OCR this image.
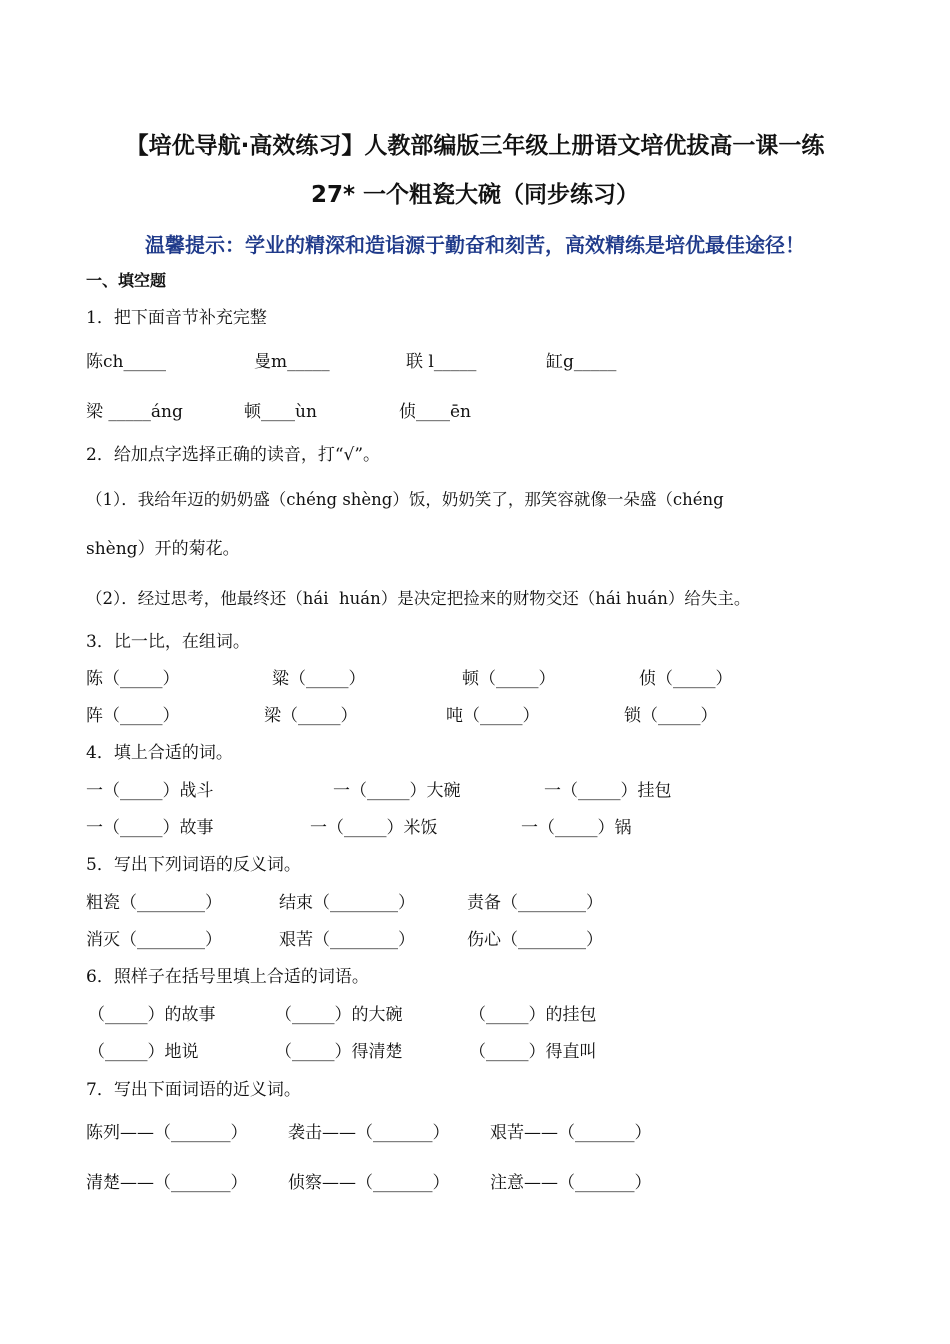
【培优导航·高效练习】人教部编版三年级上册语文培优拔高一课一练
27* 一个粗瓷大碗（同步练习）
温馨提示：学业的精深和造诣源于勤奋和刻苦，高效精练是培优最佳途径！
一、填空题
1．把下面音节补充完整
陈ch_____	曼m_____	联 l_____	缸g_____
梁 _____áng	顿____ùn	侦____ēn
2．给加点字选择正确的读音，打“√”。
（1）．我给年迈的奶奶盛（chéng shèng）饭，奶奶笑了，那笑容就像一朵盛（chéng
shèng）开的菊花。
（2）．经过思考，他最终还（hái  huán）是决定把捡来的财物交还（hái huán）给失主。
3．比一比，在组词。
陈（_____）	粱（_____）	顿（_____）	侦（_____）
阵（_____）	梁（_____）	吨（_____）	锁（_____）
4．填上合适的词。
一（_____）战斗	一（_____）大碗	一（_____）挂包
一（_____）故事	一（_____）米饭	一（_____）锅
5．写出下列词语的反义词。
粗瓷（________）	结束（________）	责备（________）
消灭（________）	艰苦（________）	伤心（________）
6．照样子在括号里填上合适的词语。
（_____）的故事	（_____）的大碗	（_____）的挂包
（_____）地说	（_____）得清楚	（_____）得直叫
7．写出下面词语的近义词。
陈列——（_______） 袭击——（_______） 艰苦——（_______）
清楚——（_______） 侦察——（_______） 注意——（_______）
